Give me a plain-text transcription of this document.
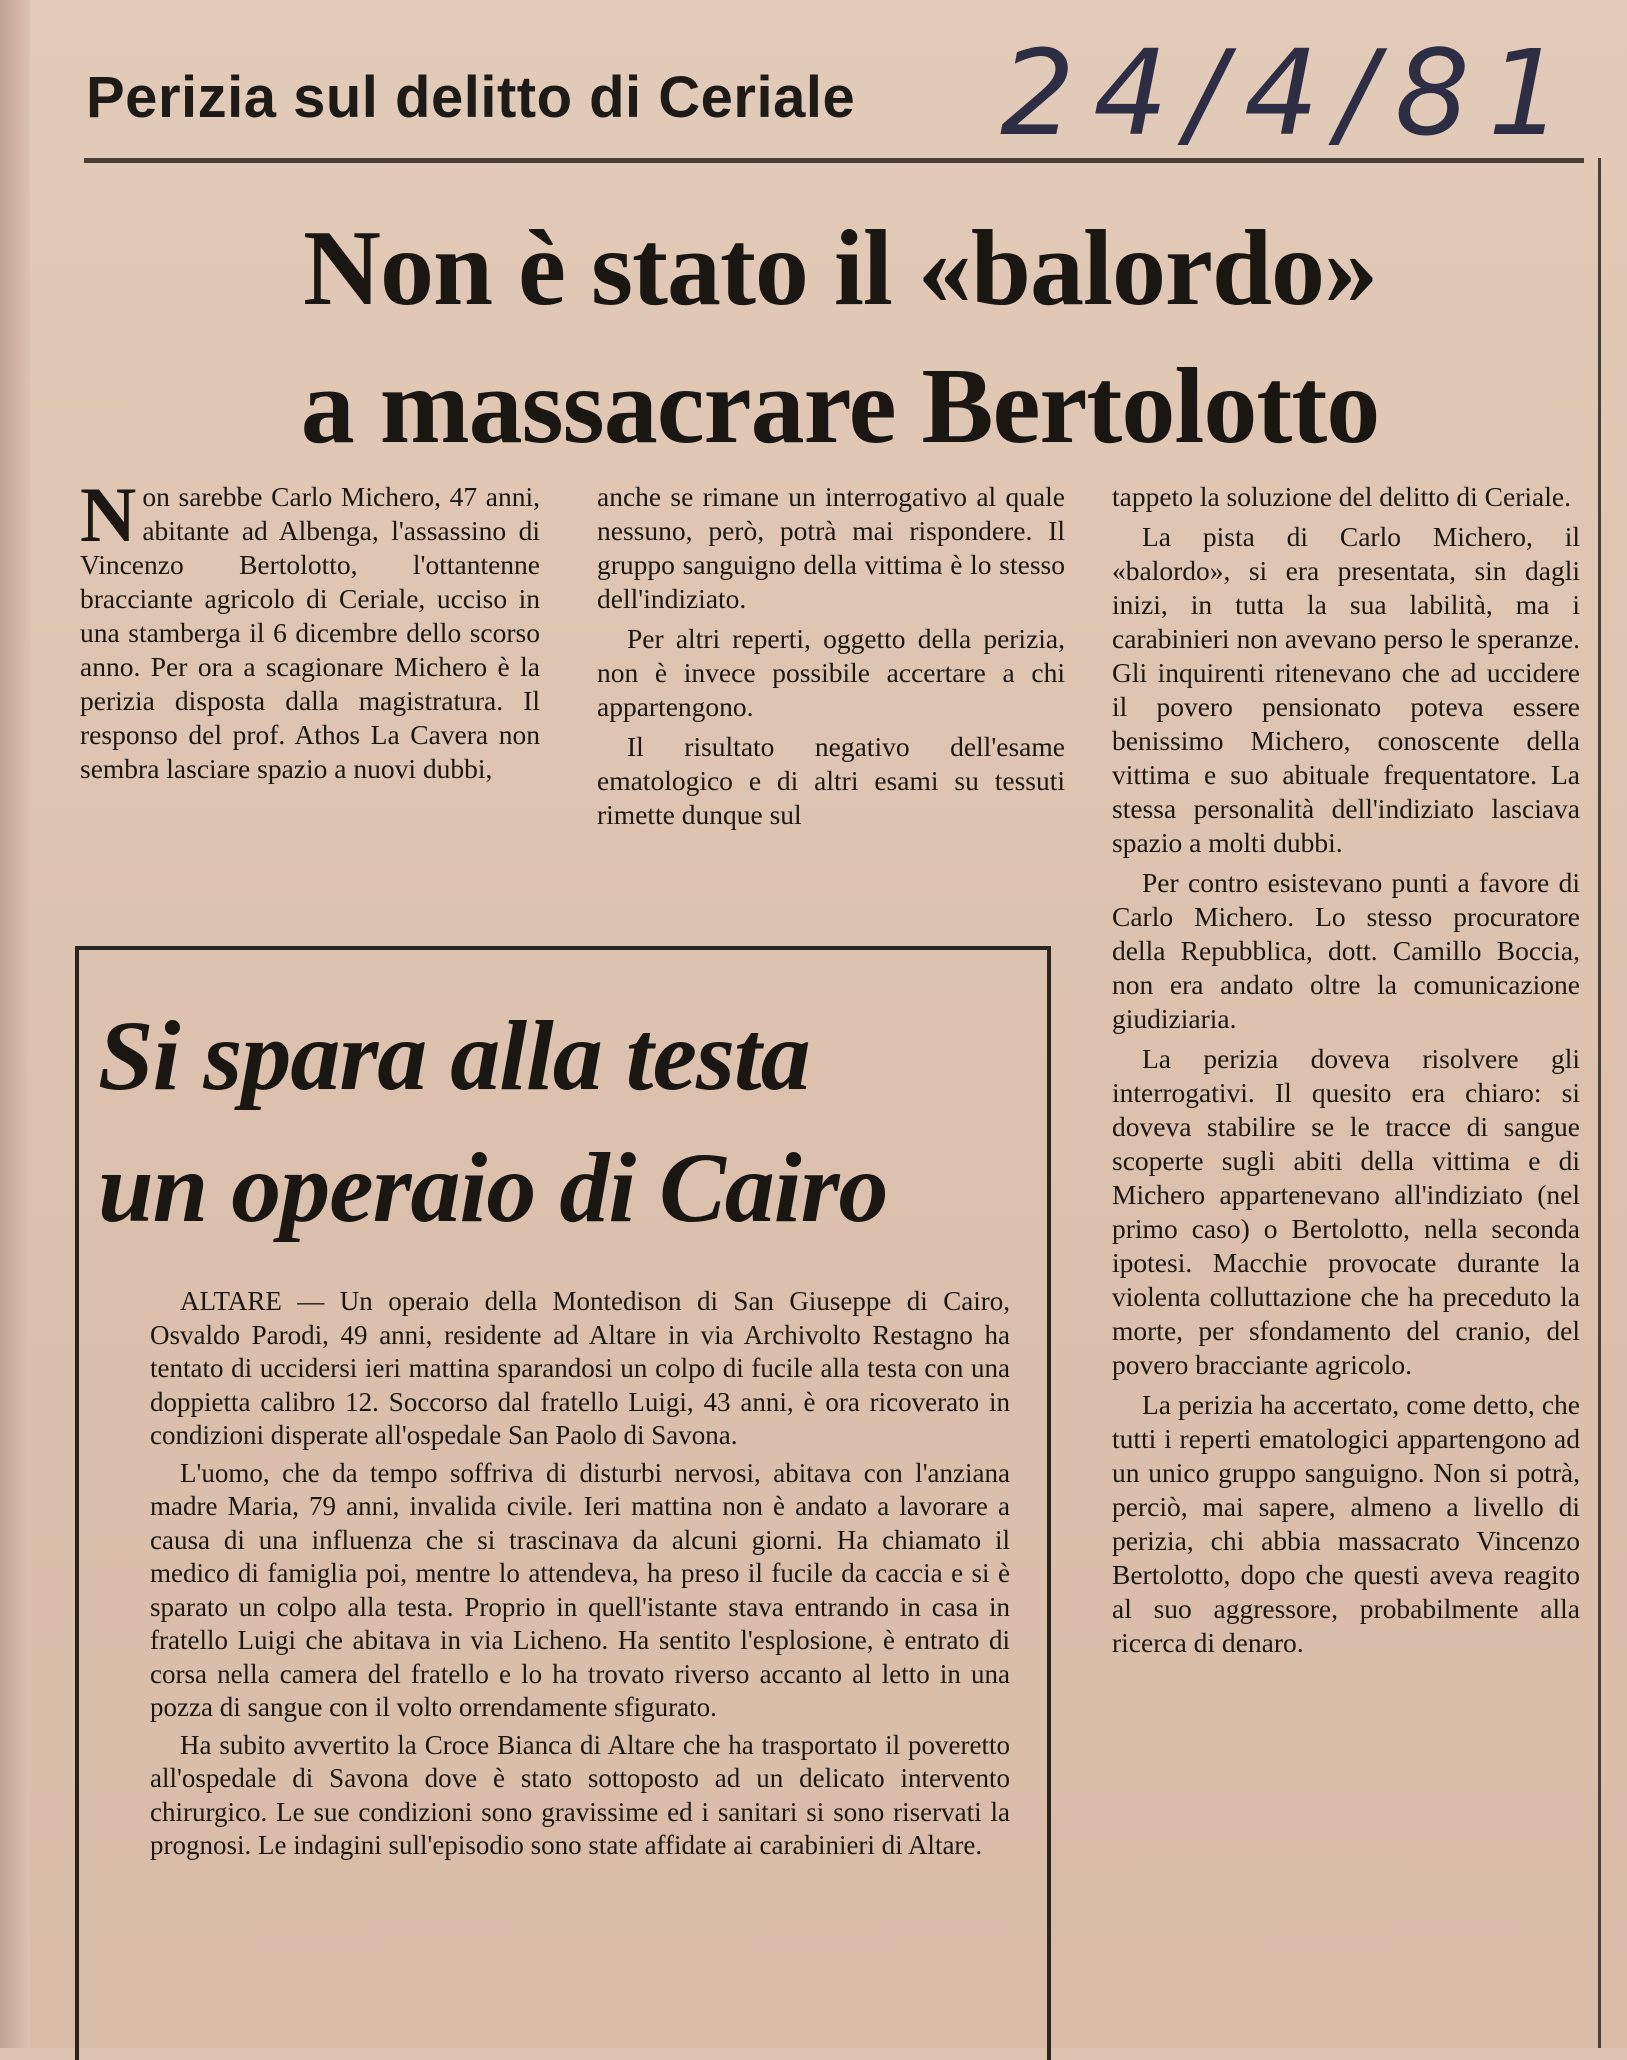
Perizia sul delitto di Ceriale	24/4/81
Non è stato il «balordo»
a massacrare Bertolotto

Non sarebbe Carlo Michero, 47 anni, abitante ad Albenga, l'assassino di Vincenzo Bertolotto, l'ottantenne bracciante agricolo di Ceriale, ucciso in una stamberga il 6 dicembre dello scorso anno. Per ora a scagionare Michero è la perizia disposta dalla magistratura. Il responso del prof. Athos La Cavera non sembra lasciare spazio a nuovi dubbi,

anche se rimane un interrogativo al quale nessuno, però, potrà mai rispondere. Il gruppo sanguigno della vittima è lo stesso dell'indiziato.

Per altri reperti, oggetto della perizia, non è invece possibile accertare a chi appartengono.

Il risultato negativo dell'esame ematologico e di altri esami su tessuti rimette dunque sul

tappeto la soluzione del delitto di Ceriale.

La pista di Carlo Michero, il «balordo», si era presentata, sin dagli inizi, in tutta la sua labilità, ma i carabinieri non avevano perso le speranze. Gli inquirenti ritenevano che ad uccidere il povero pensionato poteva essere benissimo Michero, conoscente della vittima e suo abituale frequentatore. La stessa personalità dell'indiziato lasciava spazio a molti dubbi.

Per contro esistevano punti a favore di Carlo Michero. Lo stesso procuratore della Repubblica, dott. Camillo Boccia, non era andato oltre la comunicazione giudiziaria.

La perizia doveva risolvere gli interrogativi. Il quesito era chiaro: si doveva stabilire se le tracce di sangue scoperte sugli abiti della vittima e di Michero appartenevano all'indiziato (nel primo caso) o Bertolotto, nella seconda ipotesi. Macchie provocate durante la violenta colluttazione che ha preceduto la morte, per sfondamento del cranio, del povero bracciante agricolo.

La perizia ha accertato, come detto, che tutti i reperti ematologici appartengono ad un unico gruppo sanguigno. Non si potrà, perciò, mai sapere, almeno a livello di perizia, chi abbia massacrato Vincenzo Bertolotto, dopo che questi aveva reagito al suo aggressore, probabilmente alla ricerca di denaro.

Si spara alla testa
un operaio di Cairo

ALTARE — Un operaio della Montedison di San Giuseppe di Cairo, Osvaldo Parodi, 49 anni, residente ad Altare in via Archivolto Restagno ha tentato di uccidersi ieri mattina sparandosi un colpo di fucile alla testa con una doppietta calibro 12. Soccorso dal fratello Luigi, 43 anni, è ora ricoverato in condizioni disperate all'ospedale San Paolo di Savona.

L'uomo, che da tempo soffriva di disturbi nervosi, abitava con l'anziana madre Maria, 79 anni, invalida civile. Ieri mattina non è andato a lavorare a causa di una influenza che si trascinava da alcuni giorni. Ha chiamato il medico di famiglia poi, mentre lo attendeva, ha preso il fucile da caccia e si è sparato un colpo alla testa. Proprio in quell'istante stava entrando in casa in fratello Luigi che abitava in via Licheno. Ha sentito l'esplosione, è entrato di corsa nella camera del fratello e lo ha trovato riverso accanto al letto in una pozza di sangue con il volto orrendamente sfigurato.

Ha subito avvertito la Croce Bianca di Altare che ha trasportato il poveretto all'ospedale di Savona dove è stato sottoposto ad un delicato intervento chirurgico. Le sue condizioni sono gravissime ed i sanitari si sono riservati la prognosi. Le indagini sull'episodio sono state affidate ai carabinieri di Altare.
